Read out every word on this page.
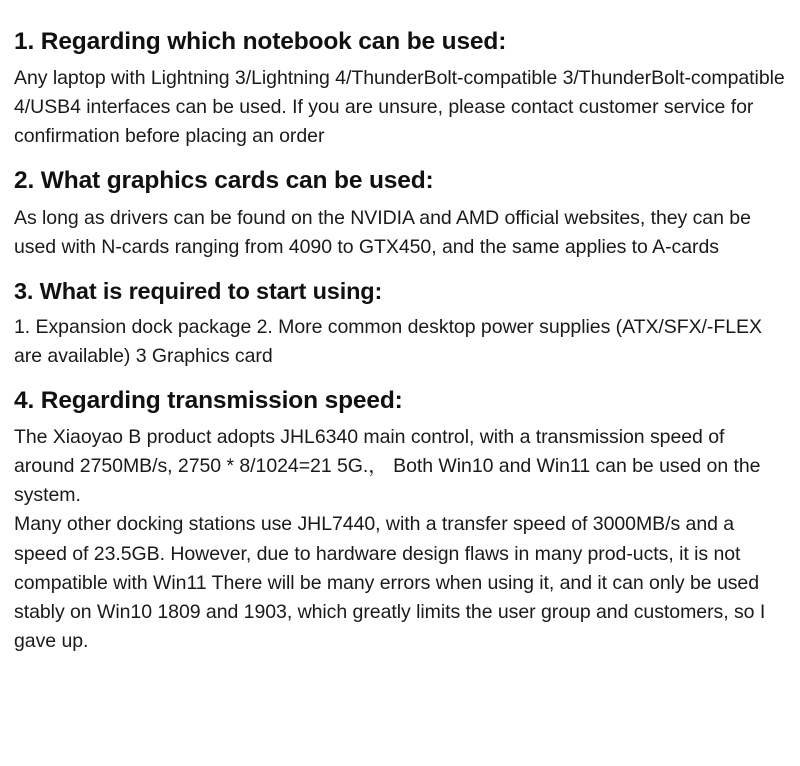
1. Regarding which notebook can be used:

Any laptop with Lightning 3/Lightning 4/ThunderBolt-compatible 3/ThunderBolt-compatible 4/USB4 interfaces can be used. If you are unsure, please contact customer service for confirmation before placing an order

2. What graphics cards can be used:

As long as drivers can be found on the NVIDIA and AMD official websites, they can be used with N-cards ranging from 4090 to GTX450, and the same applies to A-cards

3. What is required to start using:

1. Expansion dock package 2. More common desktop power supplies (ATX/SFX/-FLEX are available) 3 Graphics card

4. Regarding transmission speed:

The Xiaoyao B product adopts JHL6340 main control, with a transmission speed of around 2750MB/s, 2750 * 8/1024=21 5G.， Both Win10 and Win11 can be used on the system.

Many other docking stations use JHL7440, with a transfer speed of 3000MB/s and a speed of 23.5GB. However, due to hardware design flaws in many prod-ucts, it is not compatible with Win11 There will be many errors when using it, and it can only be used stably on Win10 1809 and 1903, which greatly limits the user group and customers, so I gave up.
